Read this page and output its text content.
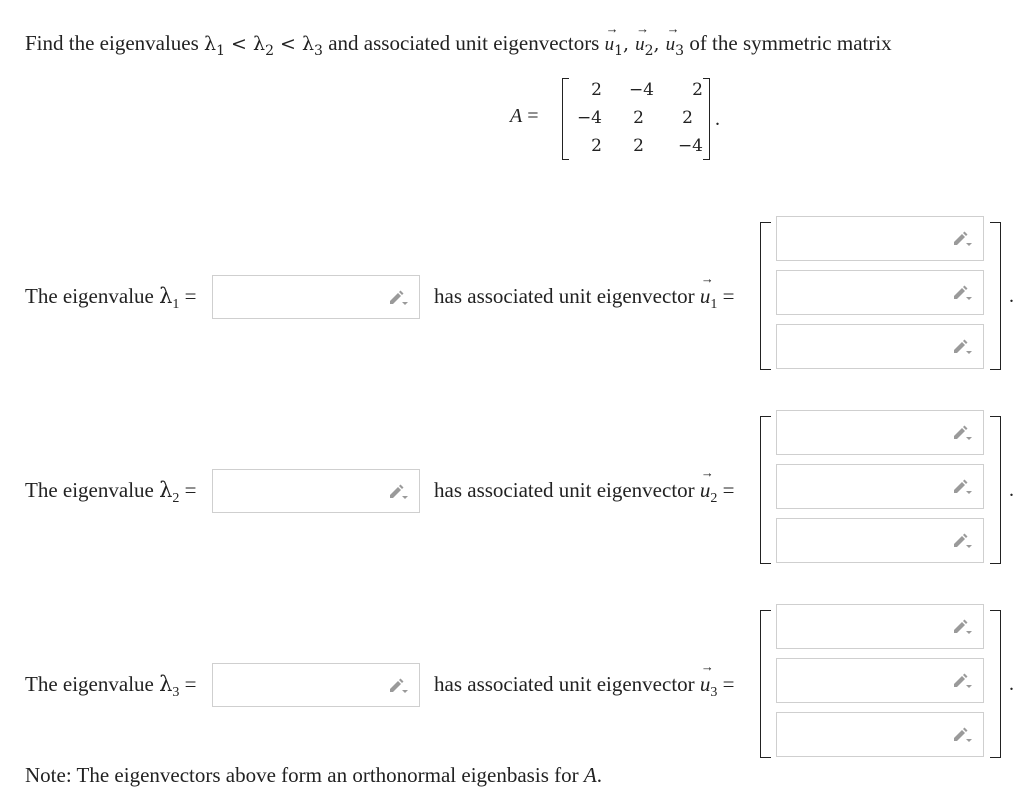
Find the eigenvalues $\lambda_1 < \lambda_2 < \lambda_3$ and associated unit eigenvectors → $u_1$, → $u_2$, → $u_3$ of the symmetric matrix
A =
2	−4	2
−4	2	2
2	2	−4
.
The eigenvalue $\lambda_1$ =	has associated unit eigenvector → $u_1$ =	.
The eigenvalue $\lambda_2$ =	has associated unit eigenvector → $u_2$ =	.
The eigenvalue $\lambda_3$ =	has associated unit eigenvector → $u_3$ =	.
Note: The eigenvectors above form an orthonormal eigenbasis for A.
